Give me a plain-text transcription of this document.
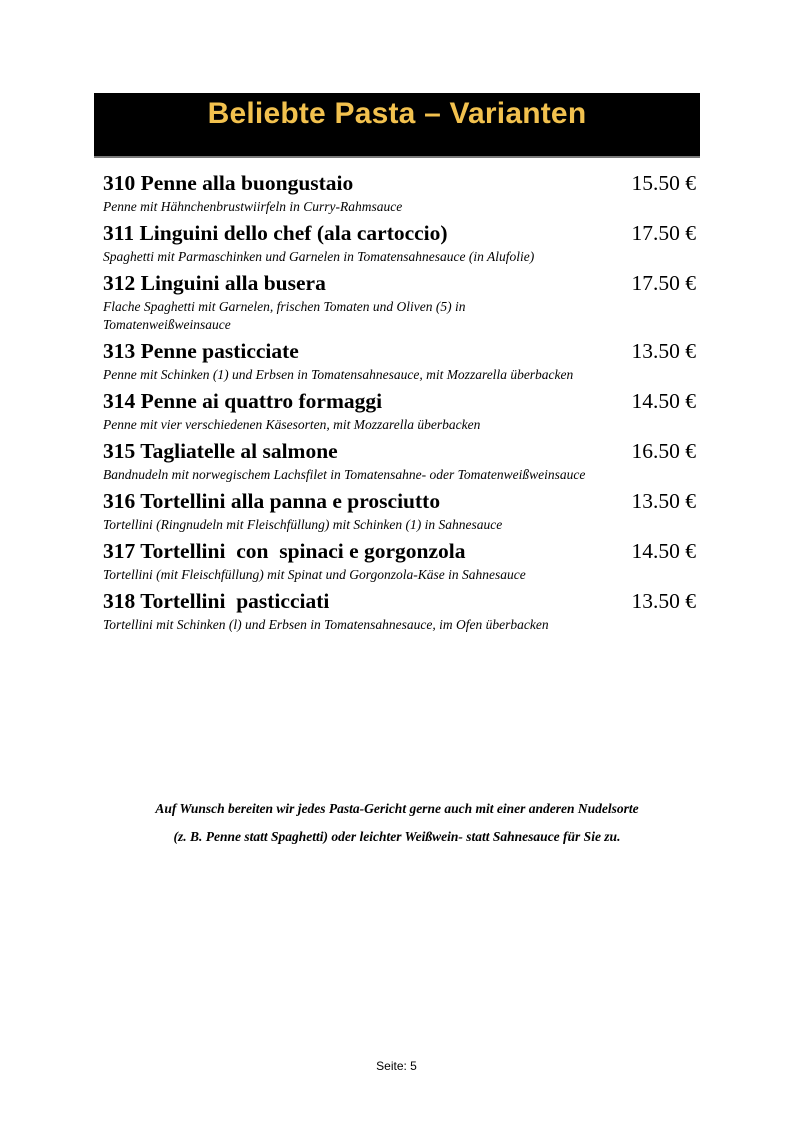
Beliebte Pasta – Varianten
310 Penne alla buongustaio	15.50 €
Penne mit Hähnchenbrustwiirfeln in Curry-Rahmsauce
311 Linguini dello chef (ala cartoccio)	17.50 €
Spaghetti mit Parmaschinken und Garnelen in Tomatensahnesauce (in Alufolie)
312 Linguini alla busera	17.50 €
Flache Spaghetti mit Garnelen, frischen Tomaten und Oliven (5) in Tomatenweißweinsauce
313 Penne pasticciate	13.50 €
Penne mit Schinken (1) und Erbsen in Tomatensahnesauce, mit Mozzarella überbacken
314 Penne ai quattro formaggi	14.50 €
Penne mit vier verschiedenen Käsesorten, mit Mozzarella überbacken
315 Tagliatelle al salmone	16.50 €
Bandnudeln mit norwegischem Lachsfilet in Tomatensahne- oder Tomatenweißweinsauce
316 Tortellini alla panna e prosciutto	13.50 €
Tortellini (Ringnudeln mit Fleischfüllung) mit Schinken (1) in Sahnesauce
317 Tortellini  con  spinaci e gorgonzola	14.50 €
Tortellini (mit Fleischfüllung) mit Spinat und Gorgonzola-Käse in Sahnesauce
318 Tortellini  pasticciati	13.50 €
Tortellini mit Schinken (l) und Erbsen in Tomatensahnesauce, im Ofen überbacken
Auf Wunsch bereiten wir jedes Pasta-Gericht gerne auch mit einer anderen Nudelsorte
(z. B. Penne statt Spaghetti) oder leichter Weißwein- statt Sahnesauce für Sie zu.
Seite: 5
